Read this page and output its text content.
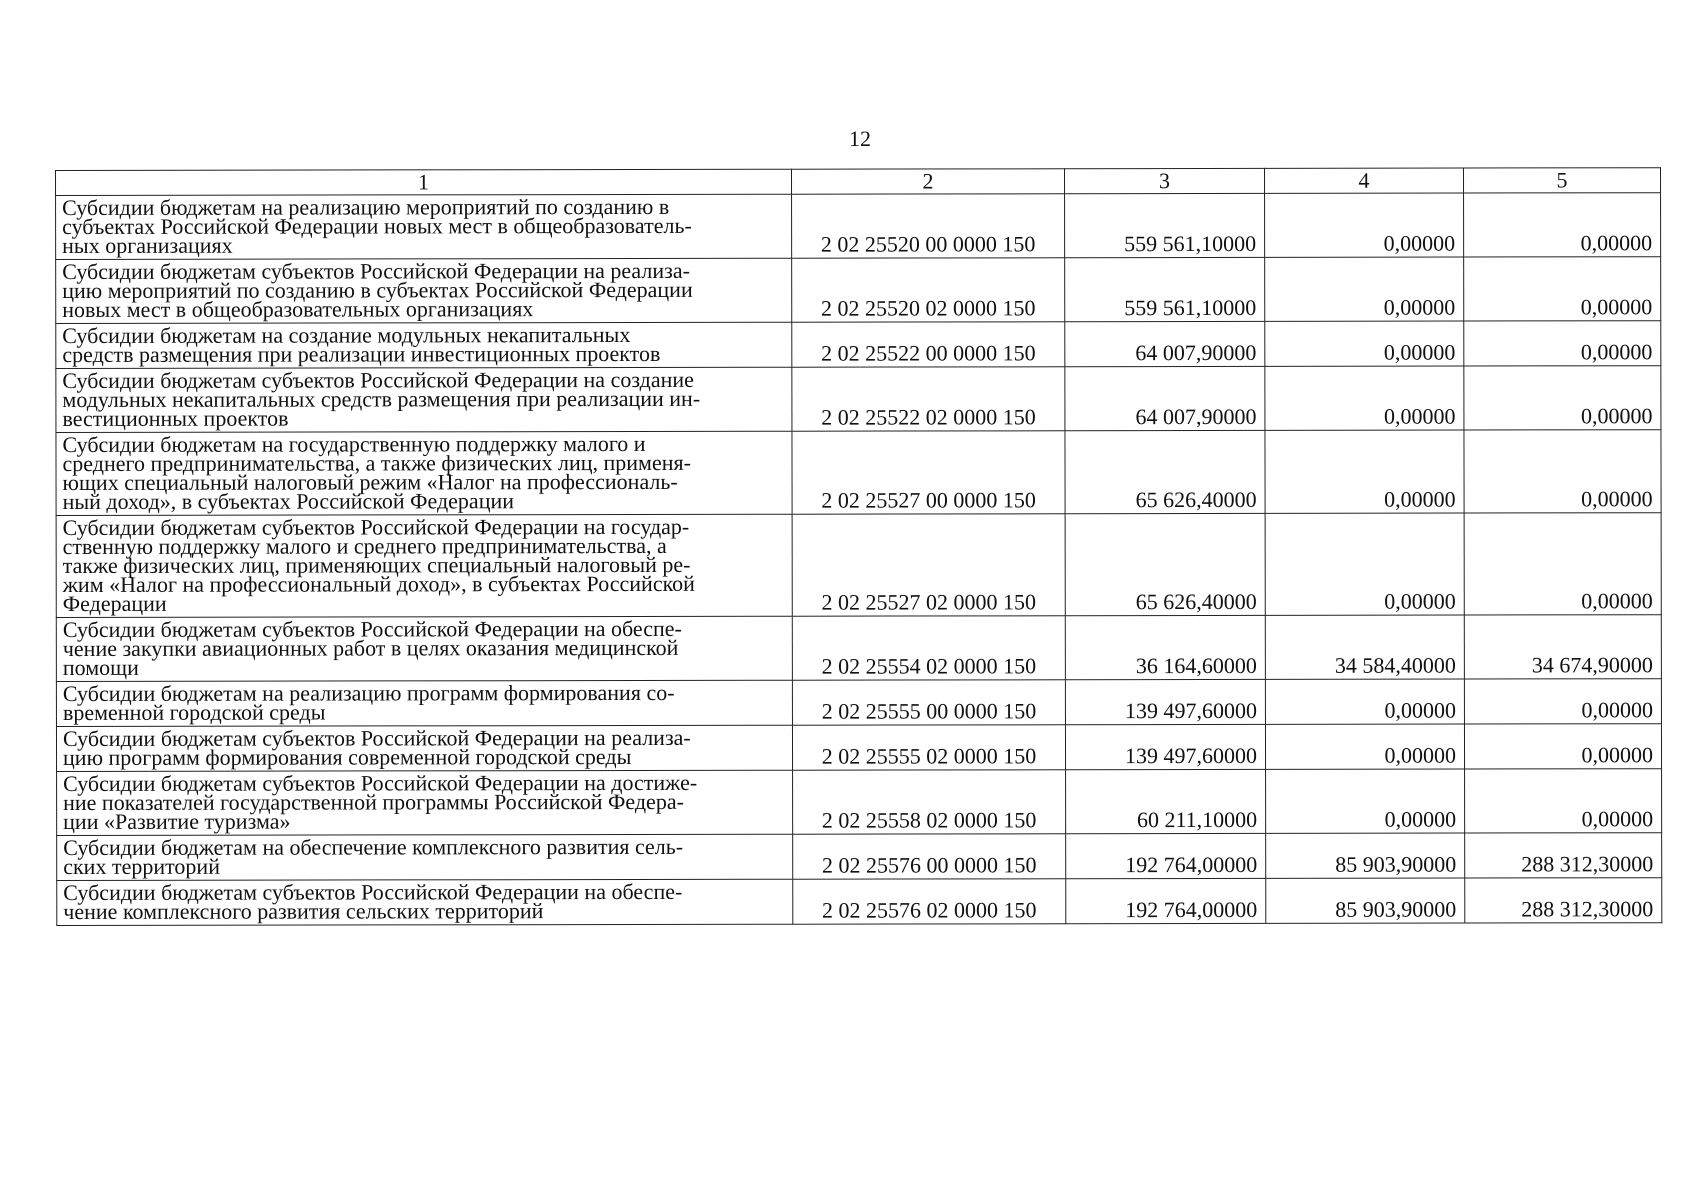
12
1	2	3	4	5

Субсидии бюджетам на реализацию мероприятий по созданию в
субъектах Российской Федерации новых мест в общеобразователь-
ных организациях	2 02 25520 00 0000 150	559 561,10000	0,00000	0,00000

Субсидии бюджетам субъектов Российской Федерации на реализа-
цию мероприятий по созданию в субъектах Российской Федерации
новых мест в общеобразовательных организациях	2 02 25520 02 0000 150	559 561,10000	0,00000	0,00000

Субсидии бюджетам на создание модульных некапитальных
средств размещения при реализации инвестиционных проектов	2 02 25522 00 0000 150	64 007,90000	0,00000	0,00000

Субсидии бюджетам субъектов Российской Федерации на создание
модульных некапитальных средств размещения при реализации ин-
вестиционных проектов	2 02 25522 02 0000 150	64 007,90000	0,00000	0,00000

Субсидии бюджетам на государственную поддержку малого и
среднего предпринимательства, а также физических лиц, применя-
ющих специальный налоговый режим «Налог на профессиональ-
ный доход», в субъектах Российской Федерации	2 02 25527 00 0000 150	65 626,40000	0,00000	0,00000

Субсидии бюджетам субъектов Российской Федерации на государ-
ственную поддержку малого и среднего предпринимательства, а
также физических лиц, применяющих специальный налоговый ре-
жим «Налог на профессиональный доход», в субъектах Российской
Федерации	2 02 25527 02 0000 150	65 626,40000	0,00000	0,00000

Субсидии бюджетам субъектов Российской Федерации на обеспе-
чение закупки авиационных работ в целях оказания медицинской
помощи	2 02 25554 02 0000 150	36 164,60000	34 584,40000	34 674,90000

Субсидии бюджетам на реализацию программ формирования со-
временной городской среды	2 02 25555 00 0000 150	139 497,60000	0,00000	0,00000

Субсидии бюджетам субъектов Российской Федерации на реализа-
цию программ формирования современной городской среды	2 02 25555 02 0000 150	139 497,60000	0,00000	0,00000

Субсидии бюджетам субъектов Российской Федерации на достиже-
ние показателей государственной программы Российской Федера-
ции «Развитие туризма»	2 02 25558 02 0000 150	60 211,10000	0,00000	0,00000

Субсидии бюджетам на обеспечение комплексного развития сель-
ских территорий	2 02 25576 00 0000 150	192 764,00000	85 903,90000	288 312,30000

Субсидии бюджетам субъектов Российской Федерации на обеспе-
чение комплексного развития сельских территорий	2 02 25576 02 0000 150	192 764,00000	85 903,90000	288 312,30000
